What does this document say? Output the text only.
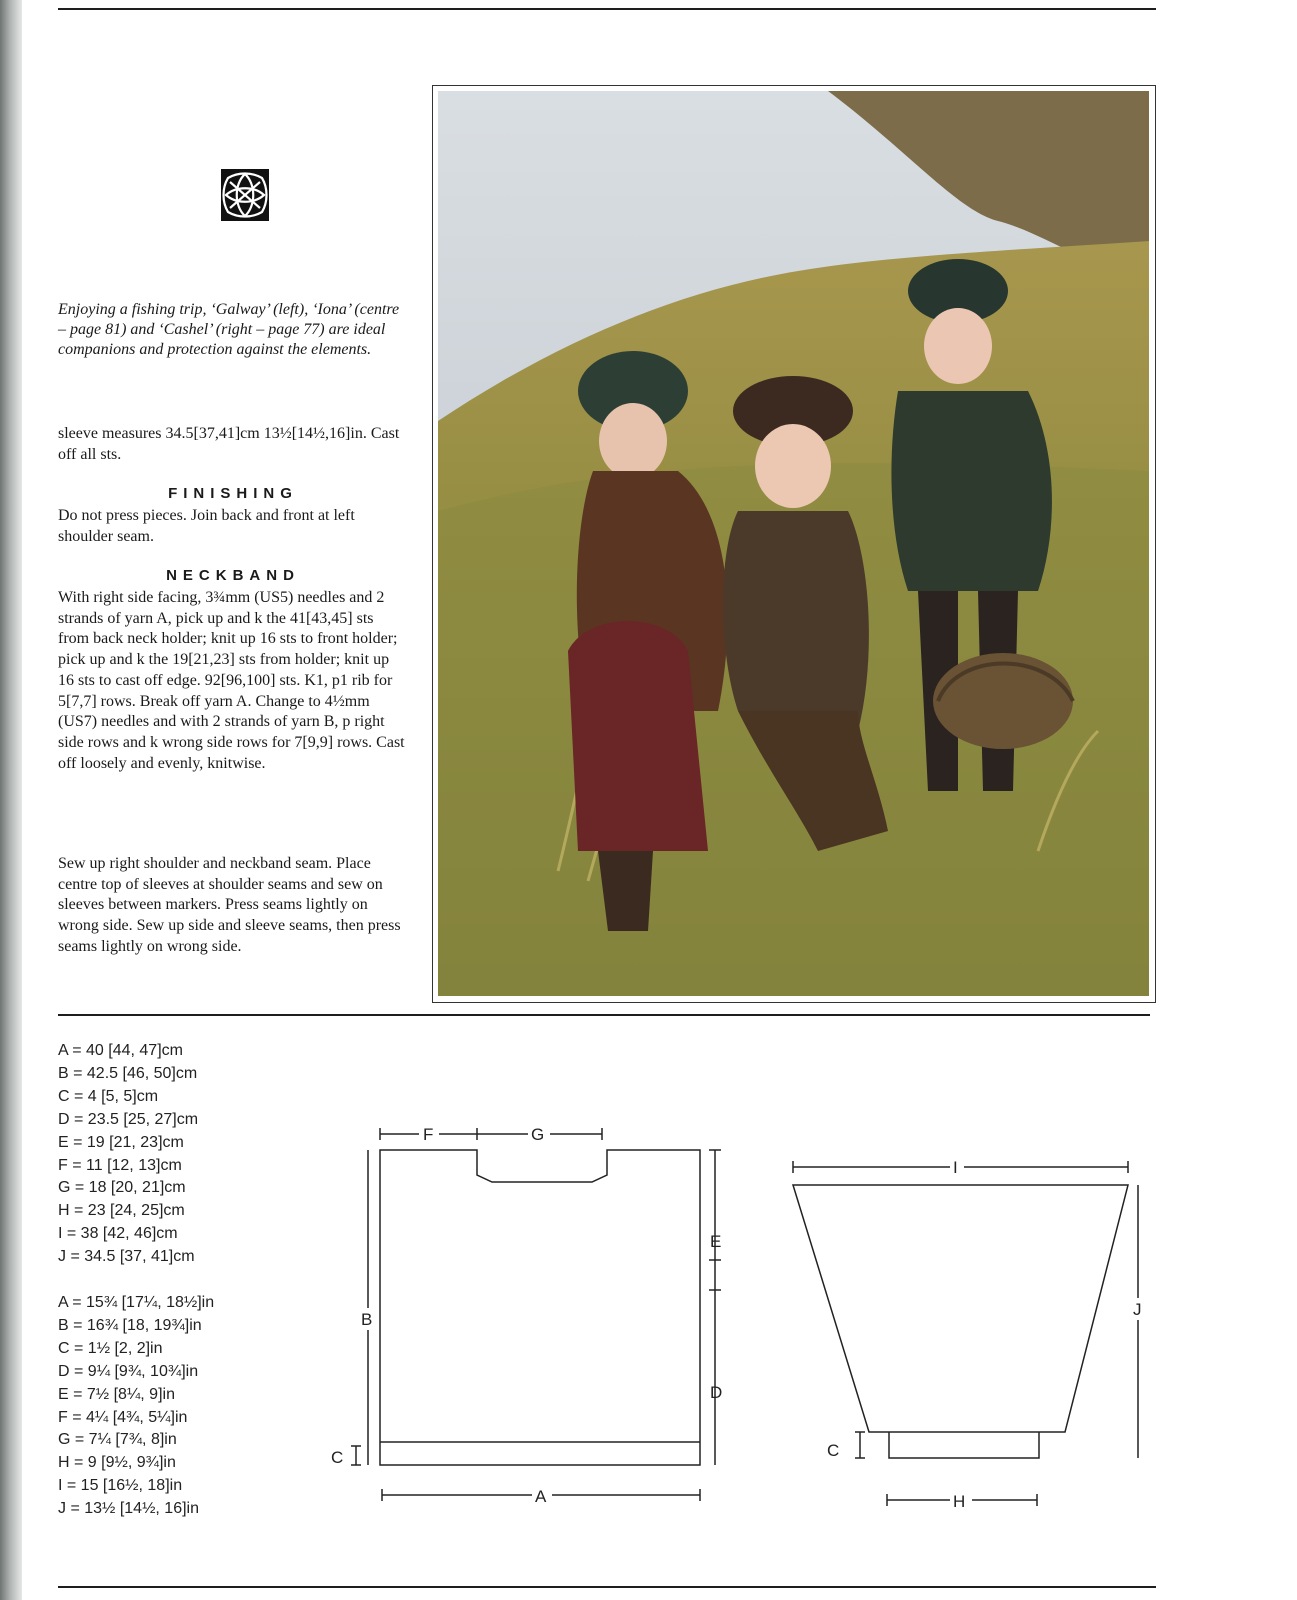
Enjoying a fishing trip, ‘Galway’ (left), ‘Iona’ (centre – page 81) and ‘Cashel’ (right – page 77) are ideal companions and protection against the elements.

sleeve measures 34.5[37,41]cm 13½[14½,16]in. Cast off all sts.

FINISHING

Do not press pieces. Join back and front at left shoulder seam.

NECKBAND

With right side facing, 3¾mm (US5) needles and 2 strands of yarn A, pick up and k the 41[43,45] sts from back neck holder; knit up 16 sts to front holder; pick up and k the 19[21,23] sts from holder; knit up 16 sts to cast off edge. 92[96,100] sts. K1, p1 rib for 5[7,7] rows. Break off yarn A. Change to 4½mm (US7) needles and with 2 strands of yarn B, p right side rows and k wrong side rows for 7[9,9] rows. Cast off loosely and evenly, knitwise.

Sew up right shoulder and neckband seam. Place centre top of sleeves at shoulder seams and sew on sleeves between markers. Press seams lightly on wrong side. Sew up side and sleeve seams, then press seams lightly on wrong side.

A = 40 [44, 47]cm
B = 42.5 [46, 50]cm
C = 4 [5, 5]cm
D = 23.5 [25, 27]cm
E = 19 [21, 23]cm
F = 11 [12, 13]cm
G = 18 [20, 21]cm
H = 23 [24, 25]cm
I = 38 [42, 46]cm
J = 34.5 [37, 41]cm
A = 15¾ [17¼, 18½]in
B = 16¾ [18, 19¾]in
C = 1½ [2, 2]in
D = 9¼ [9¾, 10¾]in
E = 7½ [8¼, 9]in
F = 4¼ [4¾, 5¼]in
G = 7¼ [7¾, 8]in
H = 9 [9½, 9¾]in
I = 15 [16½, 18]in
J = 13½ [14½, 16]in
F	G
A
B
E
D
C
I
J
H
C
